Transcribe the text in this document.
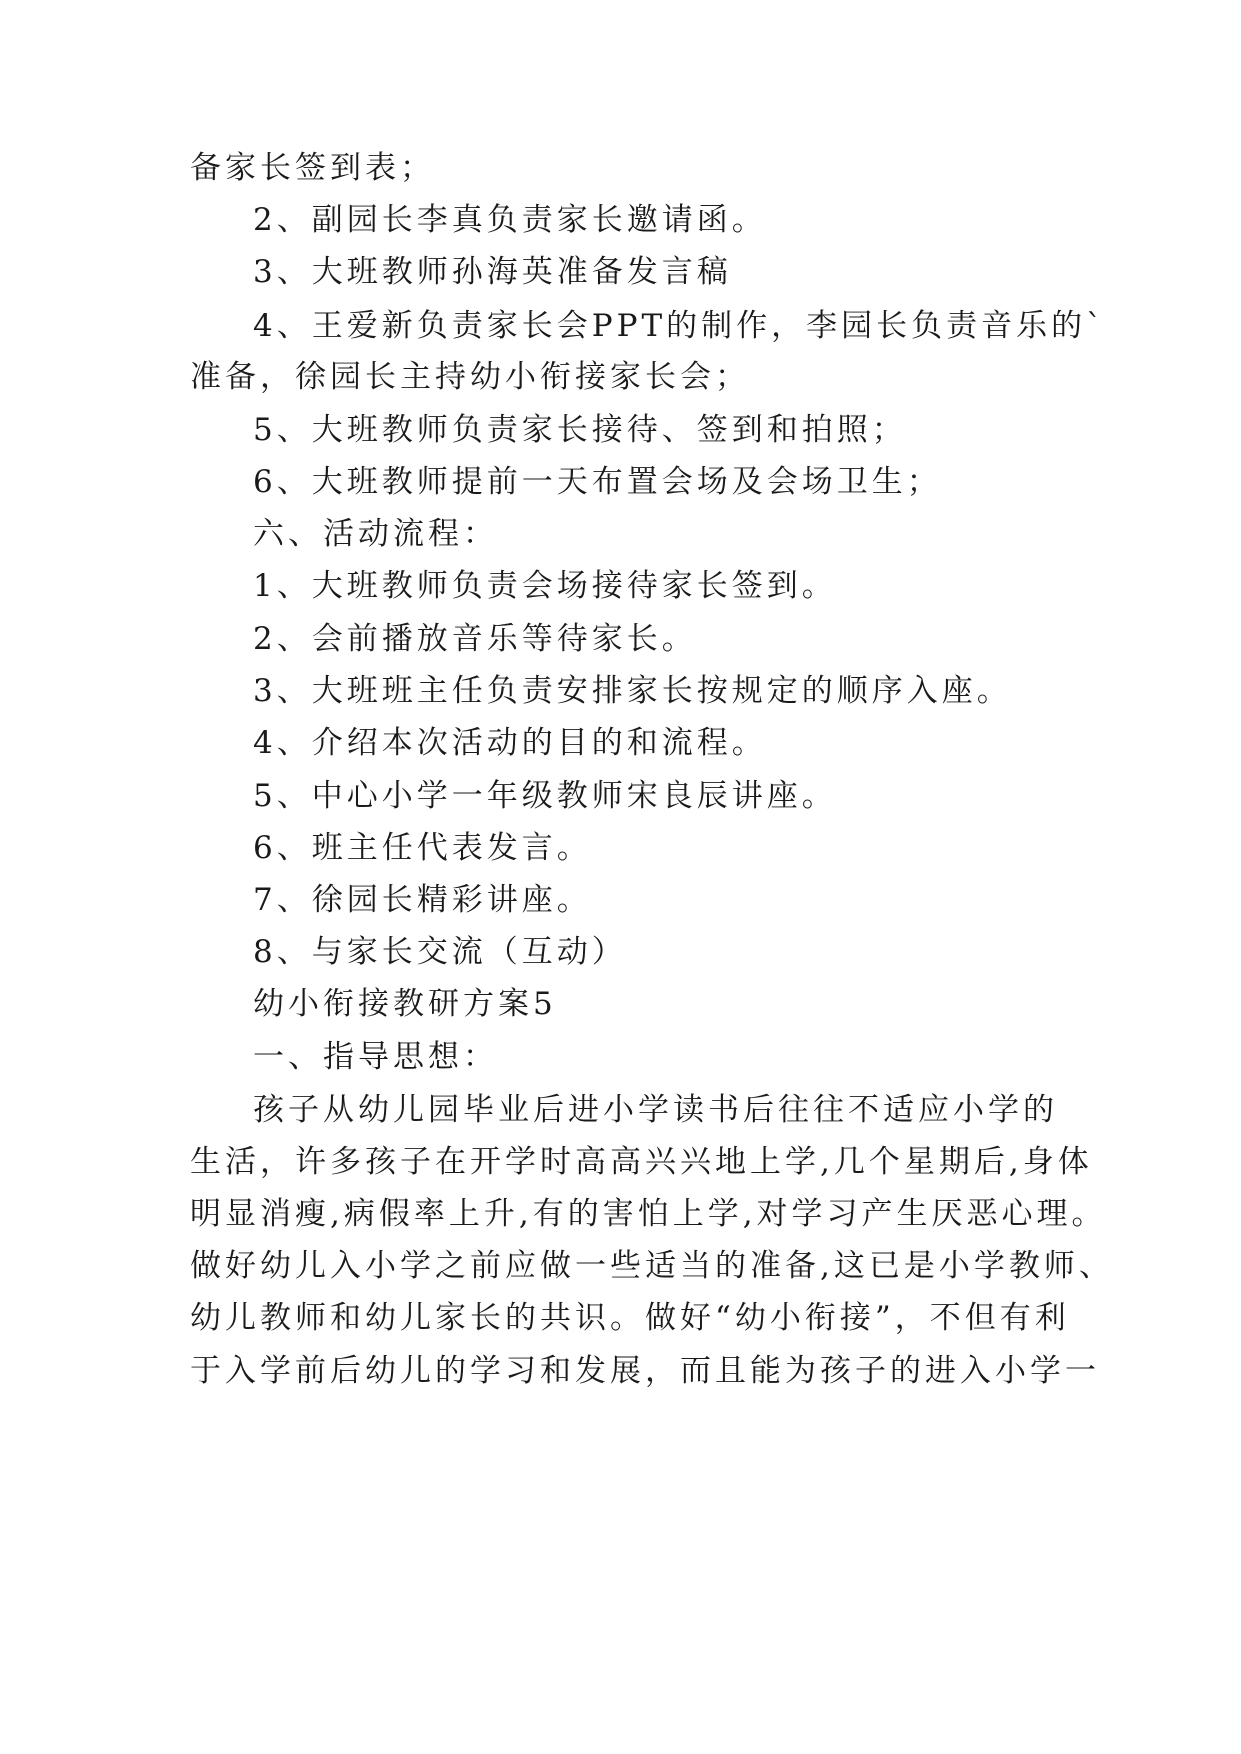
备家长签到表；
2、副园长李真负责家长邀请函。
3、大班教师孙海英准备发言稿
4、王爱新负责家长会PPT的制作，李园长负责音乐的`
准备，徐园长主持幼小衔接家长会；
5、大班教师负责家长接待、签到和拍照；
6、大班教师提前一天布置会场及会场卫生；
六、活动流程：
1、大班教师负责会场接待家长签到。
2、会前播放音乐等待家长。
3、大班班主任负责安排家长按规定的顺序入座。
4、介绍本次活动的目的和流程。
5、中心小学一年级教师宋良辰讲座。
6、班主任代表发言。
7、徐园长精彩讲座。
8、与家长交流（互动）
幼小衔接教研方案5
一、指导思想：
孩子从幼儿园毕业后进小学读书后往往不适应小学的
生活，许多孩子在开学时高高兴兴地上学,几个星期后,身体
明显消瘦,病假率上升,有的害怕上学,对学习产生厌恶心理。
做好幼儿入小学之前应做一些适当的准备,这已是小学教师、
幼儿教师和幼儿家长的共识。做好“幼小衔接”，不但有利
于入学前后幼儿的学习和发展，而且能为孩子的进入小学一
